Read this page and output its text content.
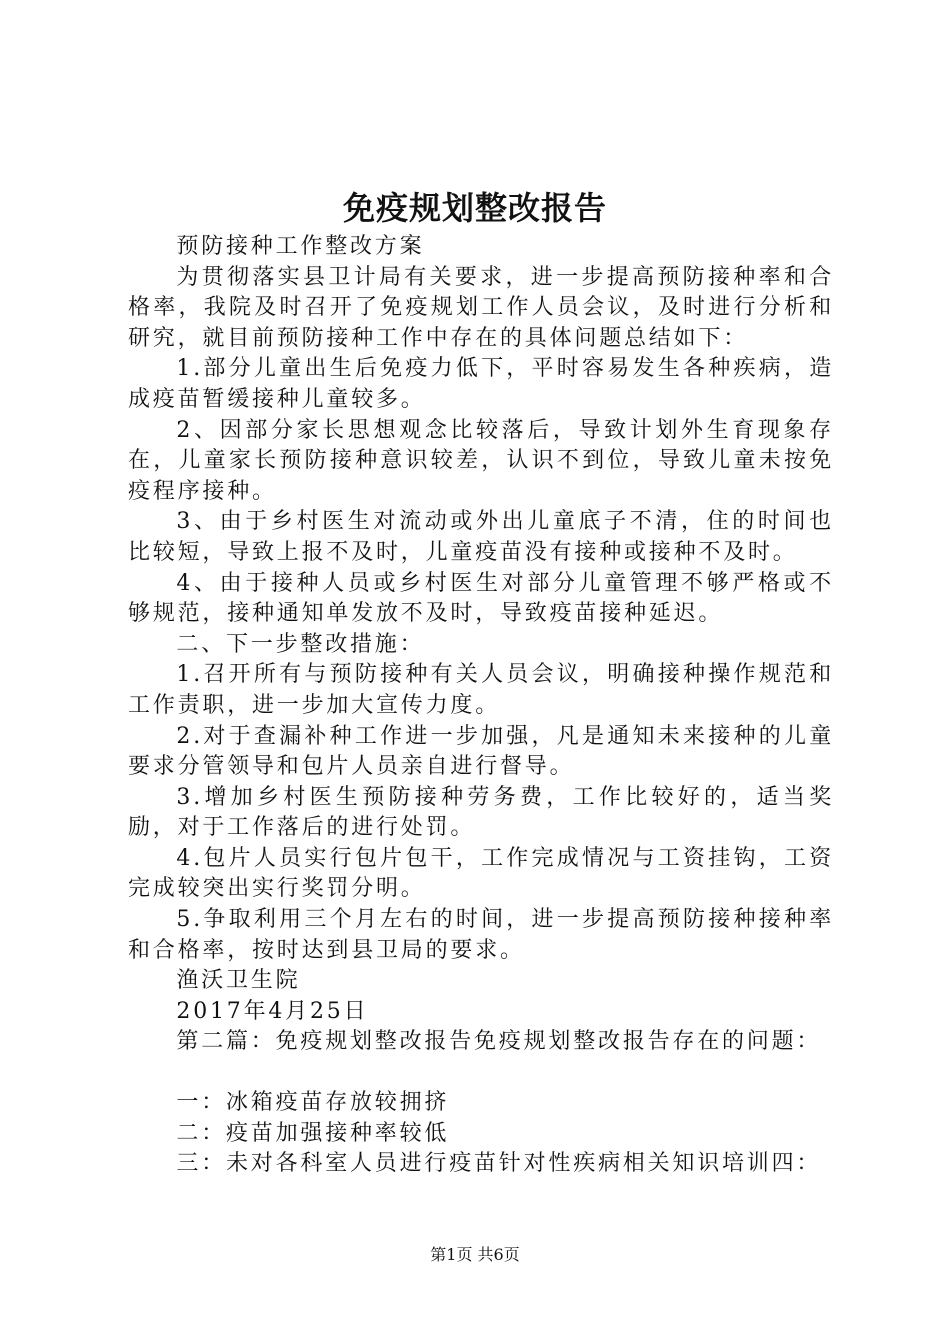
免疫规划整改报告

预防接种工作整改方案

为贯彻落实县卫计局有关要求，进一步提高预防接种率和合格率，我院及时召开了免疫规划工作人员会议，及时进行分析和研究，就目前预防接种工作中存在的具体问题总结如下：

1.部分儿童出生后免疫力低下，平时容易发生各种疾病，造成疫苗暂缓接种儿童较多。

2、因部分家长思想观念比较落后，导致计划外生育现象存在，儿童家长预防接种意识较差，认识不到位，导致儿童未按免疫程序接种。

3、由于乡村医生对流动或外出儿童底子不清，住的时间也比较短，导致上报不及时，儿童疫苗没有接种或接种不及时。

4、由于接种人员或乡村医生对部分儿童管理不够严格或不够规范，接种通知单发放不及时，导致疫苗接种延迟。

二、下一步整改措施：

1.召开所有与预防接种有关人员会议，明确接种操作规范和工作责职，进一步加大宣传力度。

2.对于查漏补种工作进一步加强，凡是通知未来接种的儿童要求分管领导和包片人员亲自进行督导。

3.增加乡村医生预防接种劳务费，工作比较好的，适当奖励，对于工作落后的进行处罚。

4.包片人员实行包片包干，工作完成情况与工资挂钩，工资完成较突出实行奖罚分明。

5.争取利用三个月左右的时间，进一步提高预防接种接种率和合格率，按时达到县卫局的要求。

渔沃卫生院

2017年4月25日

第二篇：免疫规划整改报告免疫规划整改报告存在的问题：

一：冰箱疫苗存放较拥挤

二：疫苗加强接种率较低

三：未对各科室人员进行疫苗针对性疾病相关知识培训四：

第1页 共6页
